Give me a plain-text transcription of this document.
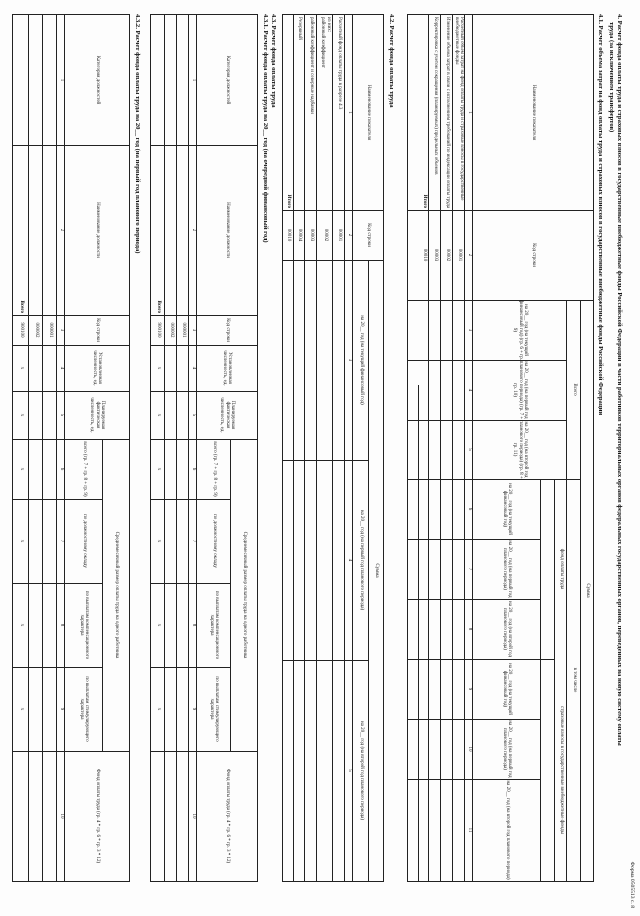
Форма 0505513 с. 8
4. Расчет фонда оплаты труда и страховых взносов в государственные внебюджетные фонды Российской Федерации в части работников территориальных органов федеральных государственных органов, переведенных на новую систему оплаты
труда (за исключением трансфертов)
4.1. Расчет объема затрат на фонд оплаты труда и страховых взносов в государственные внебюджетные фонды Российской Федерации
Наименование показателя
Код строки
Сумма
Всего
в том числе
фонд оплаты труда
страховые взносы в государственные внебюджетные фонды
на 20__ год (на текущий финансовый год) (гр. 6 + гр. 9)
на 20__ год (на первый год планового периода) (гр. 7 + гр. 10)
на 20__ год (на второй год планового периода) (гр. 8 + гр. 11)
на 20__ год (на текущий финансовый год)
на 20__ год (на первый год планового периода)
на 20__ год (на второй год планового периода)
на 20__ год (на текущий финансовый год)
на 20__ год (на первый год планового периода)
на 20__ год (на второй год планового периода)
1
2
3
4
5
6
7
8
9
10
11
Расчетный объем затрат на фонд оплаты труда и страховые взносы в государственные внебюджетные фонды
00001
Изменение объема затрат в связи с исполнением требований по индексации оплаты труда
00002
Корректировка с учетом сокращения (планируемых) предельных объемов
00003
Итого
00010
4.2. Расчет фонда оплаты труда
Наименование показателя
Код строки
Сумма
на 20__ год (на текущий финансовый год)
на 20__ год (на первый год планового периода)
на 20__ год (на второй год планового периода)
1
2
3
4
5
Расчетный фонд оплаты труда в разрезе 4.3
00001
из них:
районный коэффициент
00002
районный коэффициент и северные надбавки
00003
Резервный
00004
Итого
00010
4.3. Расчет фонда оплаты труда
4.3.1. Расчет фонда оплаты труда на 20__ год (на очередной финансовый год)
Категория должностей
Наименование должности
Код строки
Установленная численность, ед.
Планируемая фактическая численность, ед.
Среднемесячный размер оплаты труда на одного работника
всего (гр. 7 + гр. 8 + гр. 9)
по должностному окладу
по выплатам компенсационного характера
по выплатам стимулирующего характера
Фонд оплаты труда (гр. 4 * гр. 6 * гр. 3 * 12)
1
2
3
4
5
6
7
8
9
10
000001
000002
Всего
900100
x
x
x
x
x
x
4.3.2. Расчет фонда оплаты труда на 20__ год (на первый год планового периода)
Категория должностей
Наименование должности
Код строки
Установленная численность, ед.
Планируемая фактическая численность, ед.
Среднемесячный размер оплаты труда на одного работника
всего (гр. 7 + гр. 8 + гр. 9)
по должностному окладу
по выплатам компенсационного характера
по выплатам стимулирующего характера
Фонд оплаты труда (гр. 4 * гр. 6 * гр. 3 * 12)
1
2
3
4
5
6
7
8
9
10
000001
000002
Всего
900100
x
x
x
x
x
x
